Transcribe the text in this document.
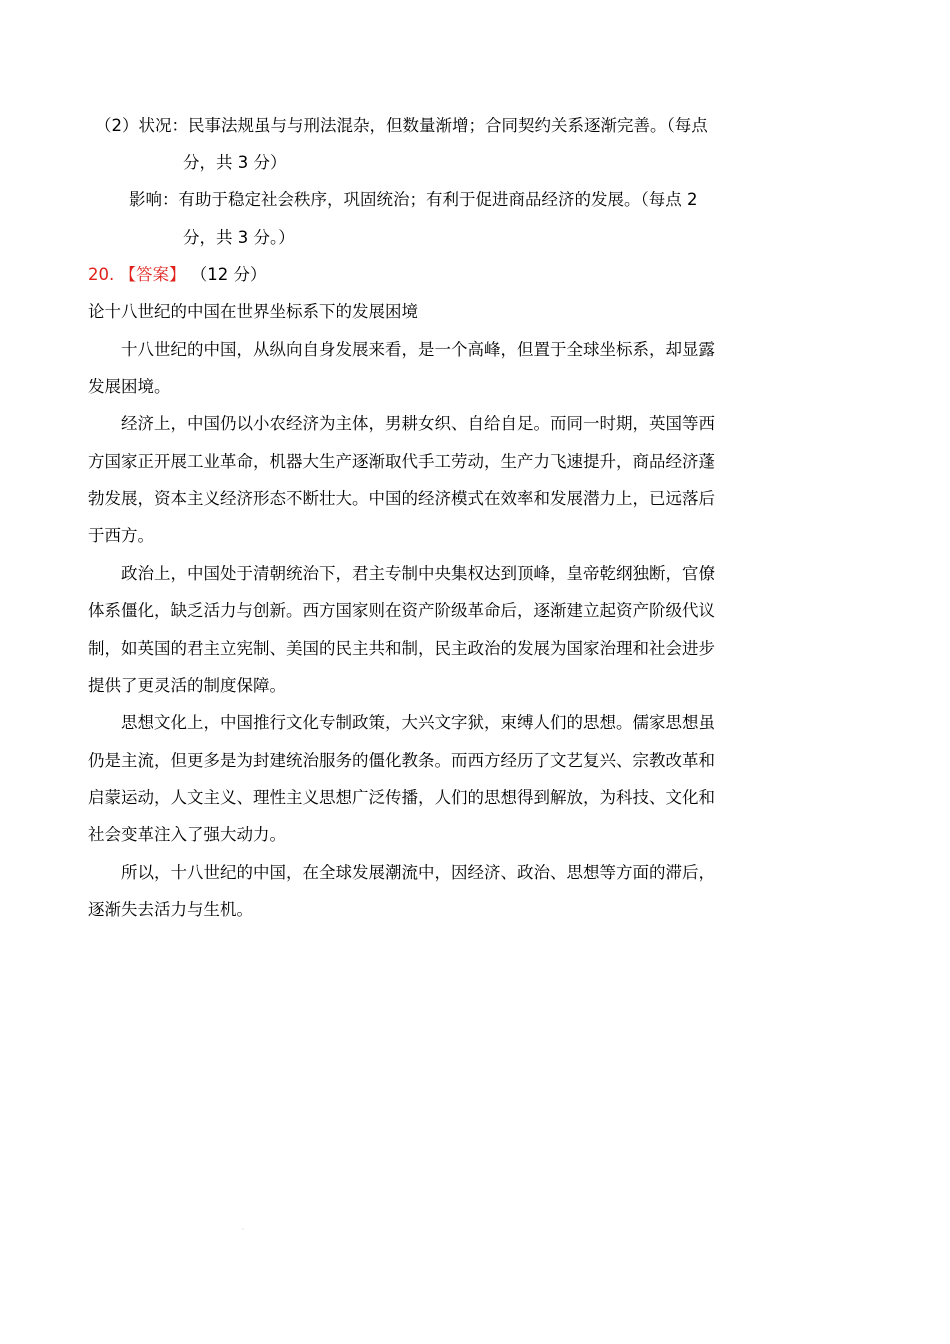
（2）状况：民事法规虽与与刑法混杂，但数量渐增；合同契约关系逐渐完善。（每点
分，共 3 分）
影响：有助于稳定社会秩序，巩固统治；有利于促进商品经济的发展。（每点 2
分，共 3 分。）
20. 【答案】 （12 分）
论十八世纪的中国在世界坐标系下的发展困境
十八世纪的中国，从纵向自身发展来看，是一个高峰，但置于全球坐标系，却显露
发展困境。
经济上，中国仍以小农经济为主体，男耕女织、自给自足。而同一时期，英国等西
方国家正开展工业革命，机器大生产逐渐取代手工劳动，生产力飞速提升，商品经济蓬
勃发展，资本主义经济形态不断壮大。中国的经济模式在效率和发展潜力上，已远落后
于西方。
政治上，中国处于清朝统治下，君主专制中央集权达到顶峰，皇帝乾纲独断，官僚
体系僵化，缺乏活力与创新。西方国家则在资产阶级革命后，逐渐建立起资产阶级代议
制，如英国的君主立宪制、美国的民主共和制，民主政治的发展为国家治理和社会进步
提供了更灵活的制度保障。
思想文化上，中国推行文化专制政策，大兴文字狱，束缚人们的思想。儒家思想虽
仍是主流，但更多是为封建统治服务的僵化教条。而西方经历了文艺复兴、宗教改革和
启蒙运动，人文主义、理性主义思想广泛传播，人们的思想得到解放，为科技、文化和
社会变革注入了强大动力。
所以，十八世纪的中国，在全球发展潮流中，因经济、政治、思想等方面的滞后，
逐渐失去活力与生机。
